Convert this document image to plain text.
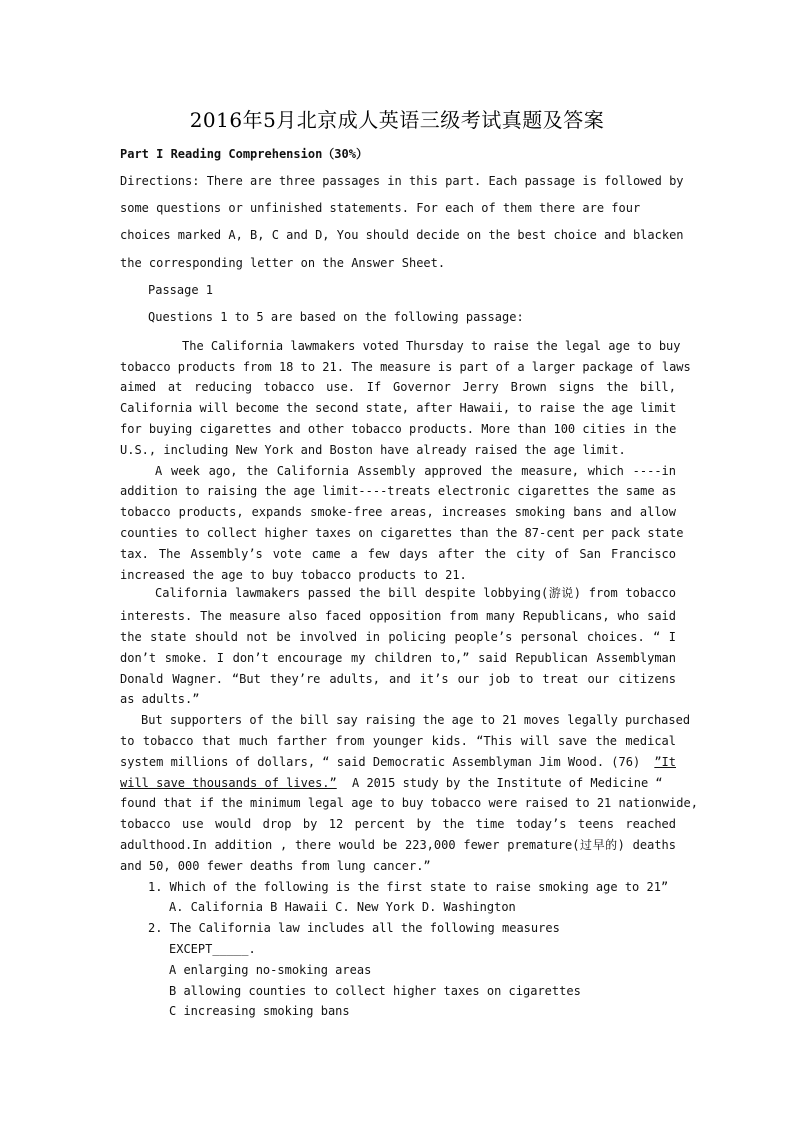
2016年5月北京成人英语三级考试真题及答案
Part I Reading Comprehension（30%）
Directions: There are three passages in this part. Each passage is followed by
some questions or unfinished statements. For each of them there are four
choices marked A, B, C and D, You should decide on the best choice and blacken
the corresponding letter on the Answer Sheet.
Passage 1
Questions 1 to 5 are based on the following passage:
The California lawmakers voted Thursday to raise the legal age to buy
tobacco products from 18 to 21. The measure is part of a larger package of laws
aimed at reducing tobacco use. If Governor Jerry Brown signs the bill,
California will become the second state, after Hawaii, to raise the age limit
for buying cigarettes and other tobacco products. More than 100 cities in the
U.S., including New York and Boston have already raised the age limit.
A week ago, the California Assembly approved the measure, which ----in
addition to raising the age limit----treats electronic cigarettes the same as
tobacco products, expands smoke-free areas, increases smoking bans and allow
counties to collect higher taxes on cigarettes than the 87-cent per pack state
tax. The Assembly’s vote came a few days after the city of San Francisco
increased the age to buy tobacco products to 21.
California lawmakers passed the bill despite lobbying(游说) from tobacco
interests. The measure also faced opposition from many Republicans, who said
the state should not be involved in policing people’s personal choices. “ I
don’t smoke. I don’t encourage my children to,” said Republican Assemblyman
Donald Wagner. “But they’re adults, and it’s our job to treat our citizens
as adults.”
But supporters of the bill say raising the age to 21 moves legally purchased
to tobacco that much farther from younger kids. “This will save the medical
system millions of dollars, “ said Democratic Assemblyman Jim Wood. (76)	”It
will save thousands of lives.”	A 2015 study by the Institute of Medicine “
found that if the minimum legal age to buy tobacco were raised to 21 nationwide,
tobacco use would drop by 12 percent by the time today’s teens reached
adulthood.In addition , there would be 223,000 fewer premature(过早的) deaths
and 50, 000 fewer deaths from lung cancer.”
1. Which of the following is the first state to raise smoking age to 21”
A. California B Hawaii C. New York D. Washington
2. The California law includes all the following measures
EXCEPT_____.
A enlarging no-smoking areas
B allowing counties to collect higher taxes on cigarettes
C increasing smoking bans
